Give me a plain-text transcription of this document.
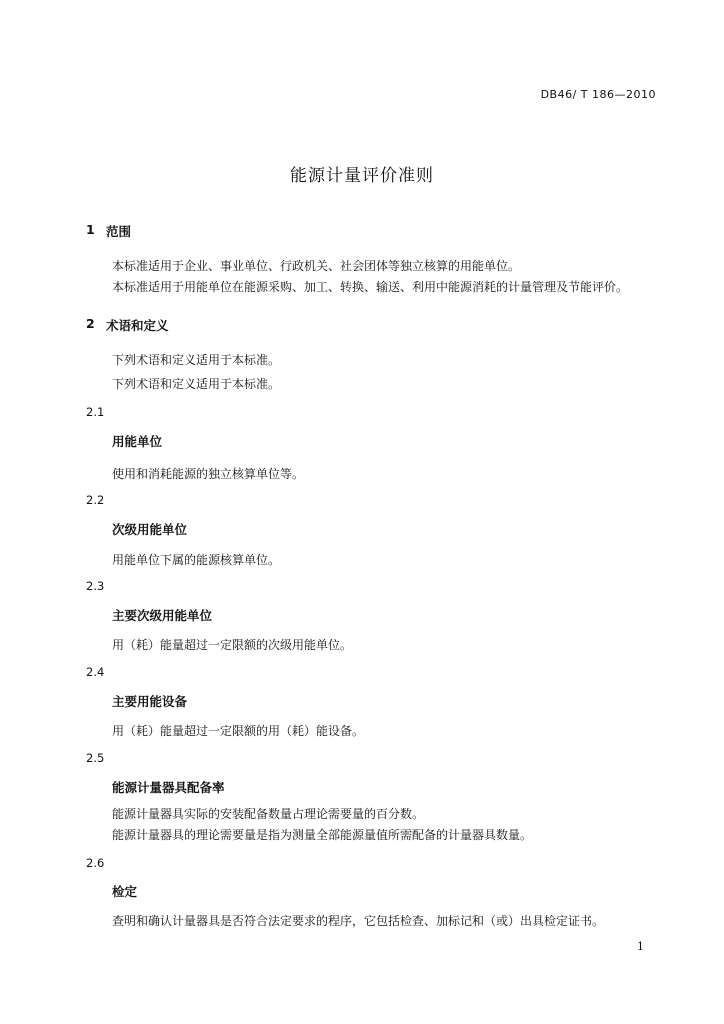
DB46/ T 186—2010
能源计量评价准则
1 范围
本标准适用于企业、事业单位、行政机关、社会团体等独立核算的用能单位。
本标准适用于用能单位在能源采购、加工、转换、输送、利用中能源消耗的计量管理及节能评价。
2 术语和定义
下列术语和定义适用于本标准。
下列术语和定义适用于本标准。
2.1
用能单位
使用和消耗能源的独立核算单位等。
2.2
次级用能单位
用能单位下属的能源核算单位。
2.3
主要次级用能单位
用（耗）能量超过一定限额的次级用能单位。
2.4
主要用能设备
用（耗）能量超过一定限额的用（耗）能设备。
2.5
能源计量器具配备率
能源计量器具实际的安装配备数量占理论需要量的百分数。
能源计量器具的理论需要量是指为测量全部能源量值所需配备的计量器具数量。
2.6
检定
查明和确认计量器具是否符合法定要求的程序，它包括检查、加标记和（或）出具检定证书。
1
